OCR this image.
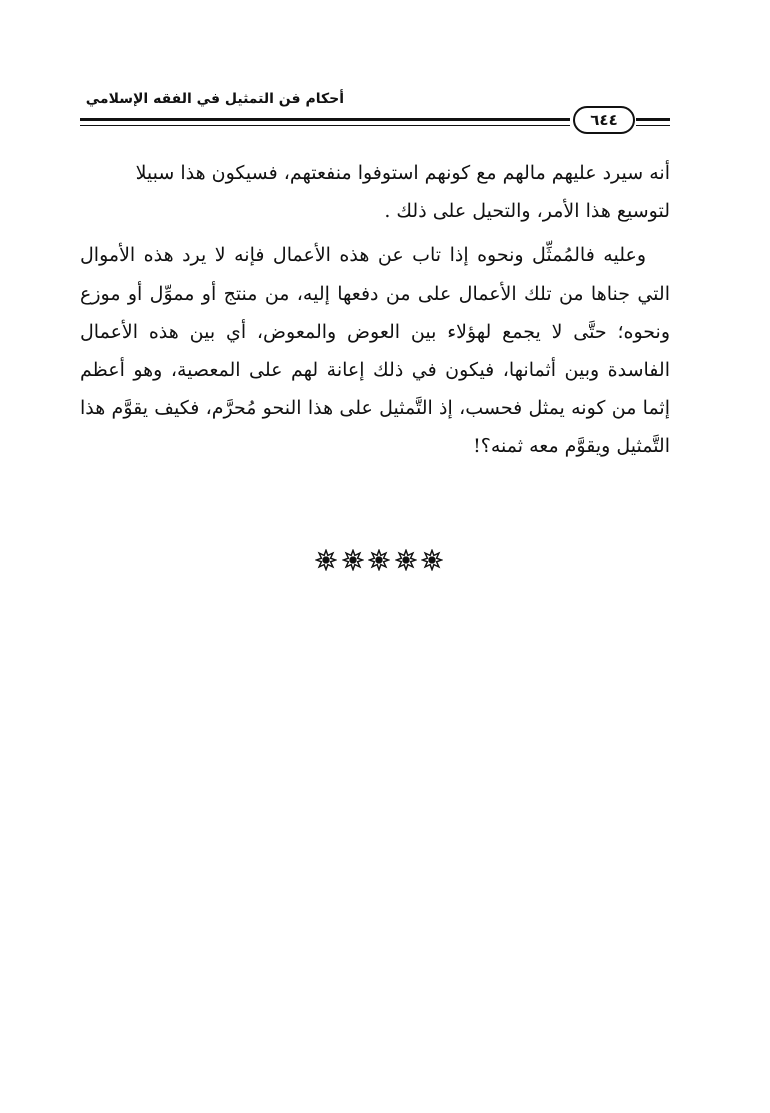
أحكام فن التمثيل في الفقه الإسلامي
٦٤٤

أنه سيرد عليهم مالهم مع كونهم استوفوا منفعتهم، فسيكون هذا سبيلا

لتوسيع هذا الأمر، والتحيل على ذلك .

وعليه فالمُمثِّل ونحوه إذا تاب عن هذه الأعمال فإنه لا يرد هذه الأموال التي جناها من تلك الأعمال على من دفعها إليه، من منتج أو مموِّل أو موزع ونحوه؛ حتَّى لا يجمع لهؤلاء بين العوض والمعوض، أي بين هذه الأعمال الفاسدة وبين أثمانها، فيكون في ذلك إعانة لهم على المعصية، وهو أعظم إثما من كونه يمثل فحسب، إذ التَّمثيل على هذا النحو مُحرَّم، فكيف يقوَّم هذا التَّمثيل ويقوَّم معه ثمنه؟!
